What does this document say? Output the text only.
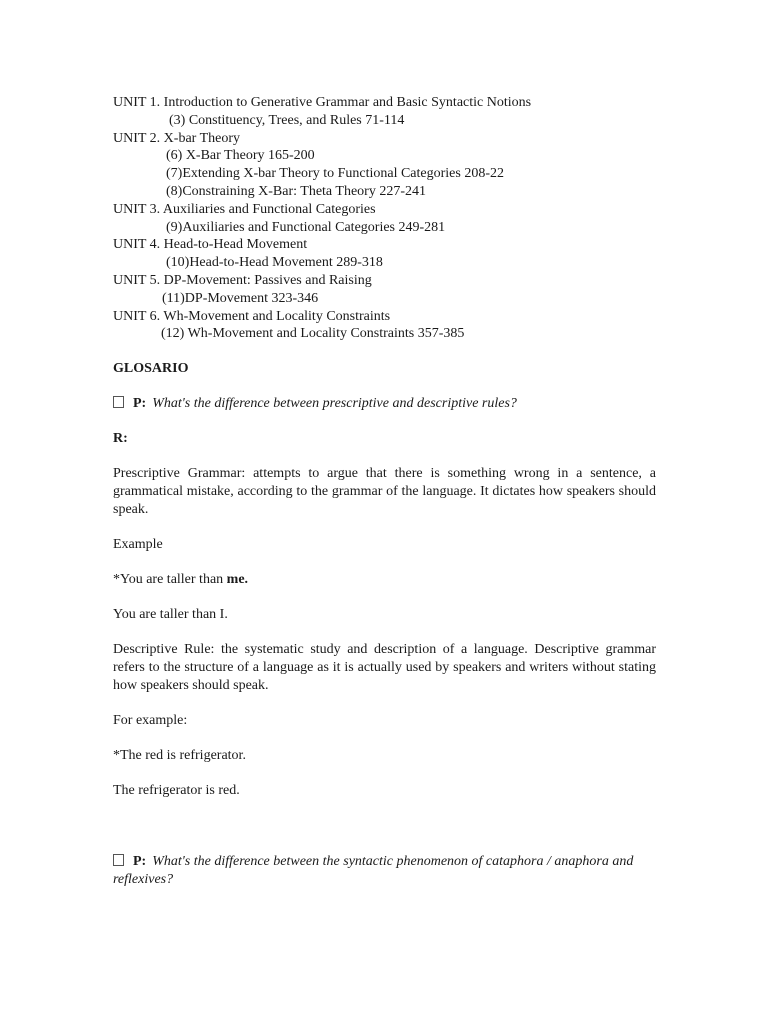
UNIT 1. Introduction to Generative Grammar and Basic Syntactic Notions
(3) Constituency, Trees, and Rules 71-114
UNIT 2. X-bar Theory
(6) X-Bar Theory 165-200
(7)Extending X-bar Theory to Functional Categories 208-22
(8)Constraining X-Bar: Theta Theory 227-241
UNIT 3. Auxiliaries and Functional Categories
(9)Auxiliaries and Functional Categories 249-281
UNIT 4. Head-to-Head Movement
(10)Head-to-Head Movement 289-318
UNIT 5. DP-Movement: Passives and Raising
(11)DP-Movement 323-346
UNIT 6. Wh-Movement and Locality Constraints
(12) Wh-Movement and Locality Constraints 357-385
GLOSARIO
P: What's the difference between prescriptive and descriptive rules?
R:
Prescriptive Grammar: attempts to argue that there is something wrong in a sentence, a grammatical mistake, according to the grammar of the language. It dictates how speakers should speak.
Example
*You are taller than me.
You are taller than I.
Descriptive Rule: the systematic study and description of a language. Descriptive grammar refers to the structure of a language as it is actually used by speakers and writers without stating how speakers should speak.
For example:
*The red is refrigerator.
The refrigerator is red.
P: What's the difference between the syntactic phenomenon of cataphora / anaphora and reflexives?
